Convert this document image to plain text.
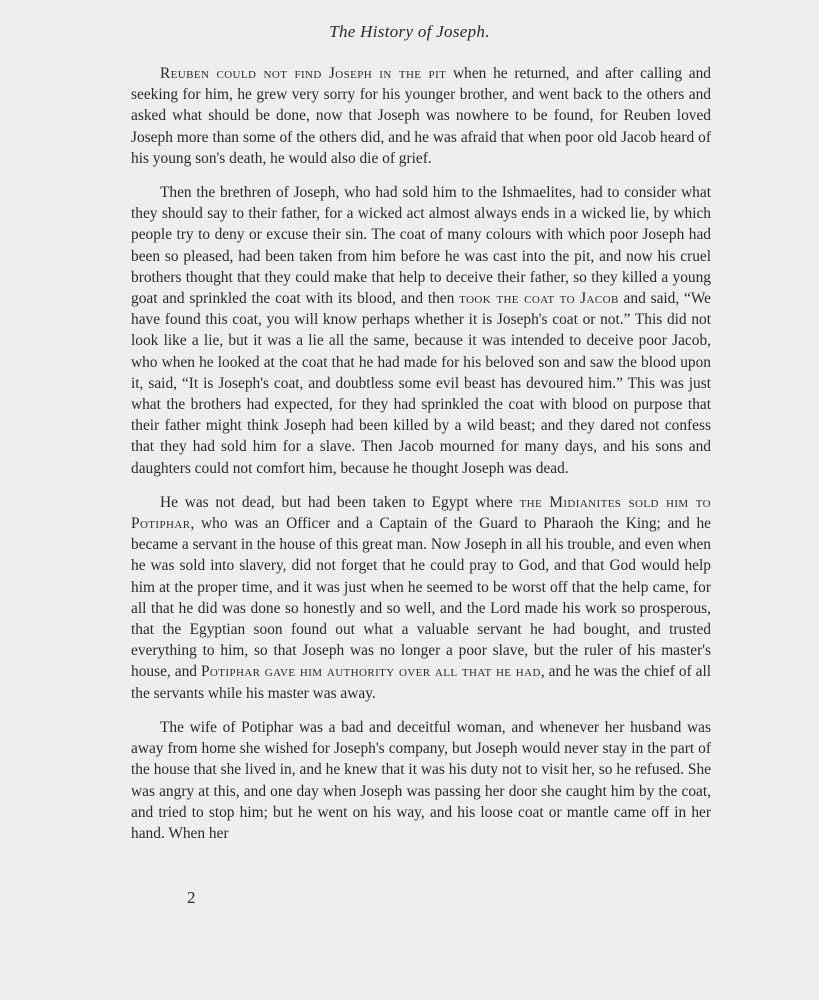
The History of Joseph.

Reuben could not find Joseph in the pit when he returned, and after calling and seeking for him, he grew very sorry for his younger brother, and went back to the others and asked what should be done, now that Joseph was nowhere to be found, for Reuben loved Joseph more than some of the others did, and he was afraid that when poor old Jacob heard of his young son's death, he would also die of grief.

Then the brethren of Joseph, who had sold him to the Ishmaelites, had to consider what they should say to their father, for a wicked act almost always ends in a wicked lie, by which people try to deny or excuse their sin. The coat of many colours with which poor Joseph had been so pleased, had been taken from him before he was cast into the pit, and now his cruel brothers thought that they could make that help to deceive their father, so they killed a young goat and sprinkled the coat with its blood, and then took the coat to Jacob and said, “We have found this coat, you will know perhaps whether it is Joseph's coat or not.” This did not look like a lie, but it was a lie all the same, because it was intended to deceive poor Jacob, who when he looked at the coat that he had made for his beloved son and saw the blood upon it, said, “It is Joseph's coat, and doubtless some evil beast has devoured him.” This was just what the brothers had expected, for they had sprinkled the coat with blood on purpose that their father might think Joseph had been killed by a wild beast; and they dared not confess that they had sold him for a slave. Then Jacob mourned for many days, and his sons and daughters could not comfort him, because he thought Joseph was dead.

He was not dead, but had been taken to Egypt where the Midianites sold him to Potiphar, who was an Officer and a Captain of the Guard to Pharaoh the King; and he became a servant in the house of this great man. Now Joseph in all his trouble, and even when he was sold into slavery, did not forget that he could pray to God, and that God would help him at the proper time, and it was just when he seemed to be worst off that the help came, for all that he did was done so honestly and so well, and the Lord made his work so prosperous, that the Egyptian soon found out what a valuable servant he had bought, and trusted everything to him, so that Joseph was no longer a poor slave, but the ruler of his master's house, and Potiphar gave him authority over all that he had, and he was the chief of all the servants while his master was away.

The wife of Potiphar was a bad and deceitful woman, and whenever her husband was away from home she wished for Joseph's company, but Joseph would never stay in the part of the house that she lived in, and he knew that it was his duty not to visit her, so he refused. She was angry at this, and one day when Joseph was passing her door she caught him by the coat, and tried to stop him; but he went on his way, and his loose coat or mantle came off in her hand. When her

2
